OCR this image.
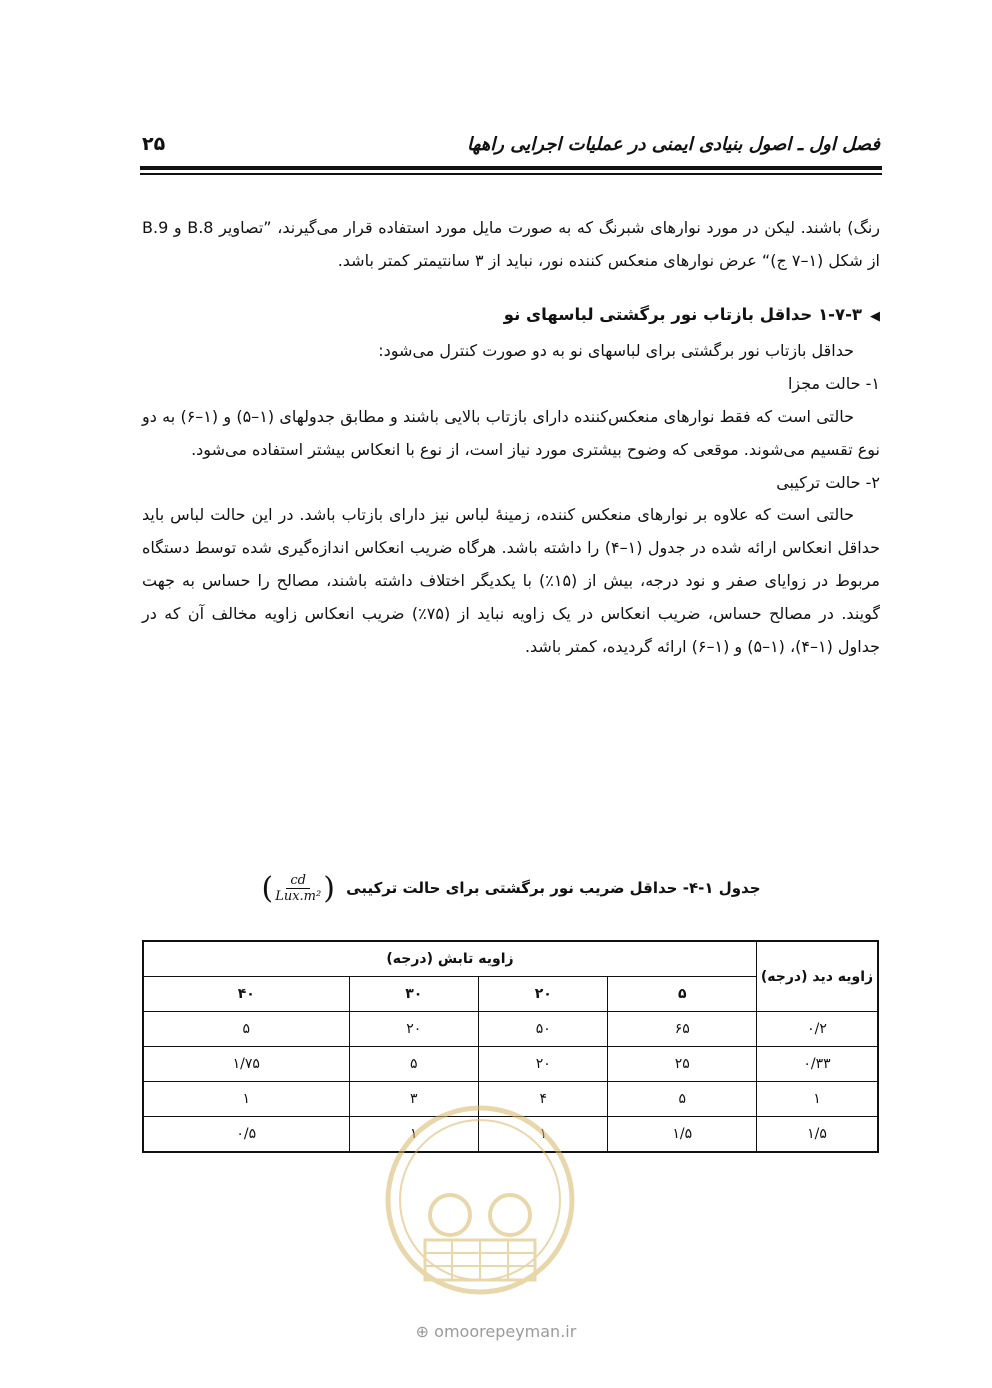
فصل اول ـ اصول بنیادی ایمنی در عملیات اجرایی راهها
۲۵

رنگ) باشند. لیکن در مورد نوارهای شبرنگ که به صورت مایل مورد استفاده قرار می‌گیرند، ”تصاویر B.8 و B.9 از شکل (۱–۷ ج)“ عرض نوارهای منعکس کننده نور، نباید از ۳ سانتیمتر کمتر باشد.

◀۱-۷-۳ حداقل بازتاب نور برگشتی لباسهای نو

حداقل بازتاب نور برگشتی برای لباسهای نو به دو صورت کنترل می‌شود:

۱- حالت مجزا

حالتی است که فقط نوارهای منعکس‌کننده دارای بازتاب بالایی باشند و مطابق جدولهای (۱–۵) و (۱–۶) به دو نوع تقسیم می‌شوند. موقعی که وضوح بیشتری مورد نیاز است، از نوع با انعکاس بیشتر استفاده می‌شود.

۲- حالت ترکیبی

حالتی است که علاوه بر نوارهای منعکس کننده، زمینهٔ لباس نیز دارای بازتاب باشد. در این حالت لباس باید حداقل انعکاس ارائه شده در جدول (۱–۴) را داشته باشد. هرگاه ضریب انعکاس اندازه‌گیری شده توسط دستگاه مربوط در زوایای صفر و نود درجه، بیش از (۱۵٪) با یکدیگر اختلاف داشته باشند، مصالح را حساس به جهت گویند. در مصالح حساس، ضریب انعکاس در یک زاویه نباید از (۷۵٪) ضریب انعکاس زاویه مخالف آن که در جداول (۱–۴)، (۱–۵) و (۱–۶) ارائه گردیده، کمتر باشد.

جدول ۱-۴- حداقل ضریب نور برگشتی برای حالت ترکیبی
( $\frac{cd}{\text{Lux.m²}}$ )
زاویه دید (درجه)	زاویه تابش (درجه)			
	۵	۲۰	۳۰	۴۰
۰/۲	۶۵	۵۰	۲۰	۵
۰/۳۳	۲۵	۲۰	۵	۱/۷۵
۱	۵	۴	۳	۱
۱/۵	۱/۵	۱	۱	۰/۵
⊕ omoorepeyman.ir
